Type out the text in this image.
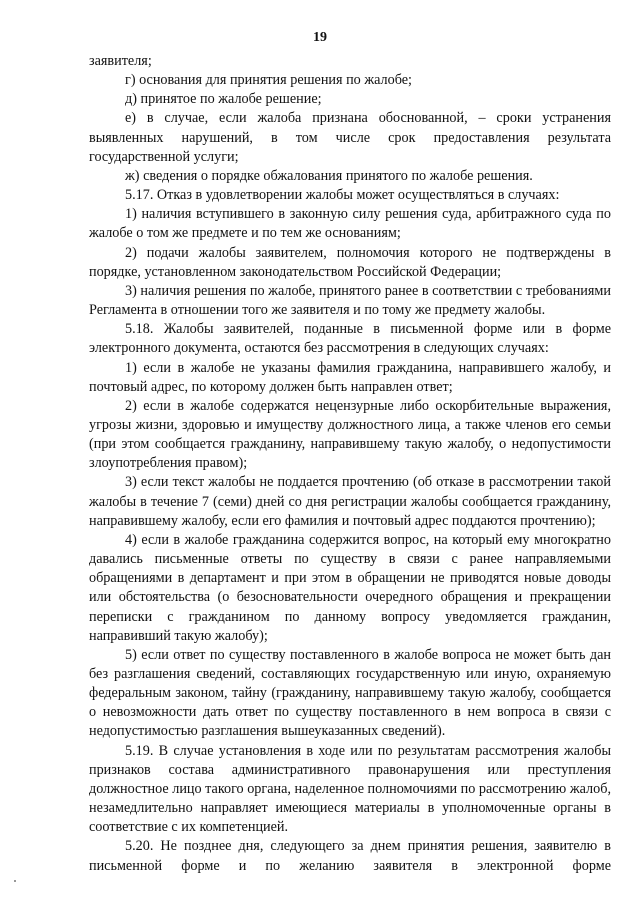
19

заявителя;

г) основания для принятия решения по жалобе;

д) принятое по жалобе решение;

е) в случае, если жалоба признана обоснованной, – сроки устранения выявленных нарушений, в том числе срок предоставления результата государственной услуги;

ж) сведения о порядке обжалования принятого по жалобе решения.

5.17. Отказ в удовлетворении жалобы может осуществляться в случаях:

1) наличия вступившего в законную силу решения суда, арбитражного суда по жалобе о том же предмете и по тем же основаниям;

2) подачи жалобы заявителем, полномочия которого не подтверждены в порядке, установленном законодательством Российской Федерации;

3) наличия решения по жалобе, принятого ранее в соответствии с требованиями Регламента в отношении того же заявителя и по тому же предмету жалобы.

5.18. Жалобы заявителей, поданные в письменной форме или в форме электронного документа, остаются без рассмотрения в следующих случаях:

1) если в жалобе не указаны фамилия гражданина, направившего жалобу, и почтовый адрес, по которому должен быть направлен ответ;

2) если в жалобе содержатся нецензурные либо оскорбительные выражения, угрозы жизни, здоровью и имуществу должностного лица, а также членов его семьи (при этом сообщается гражданину, направившему такую жалобу, о недопустимости злоупотребления правом);

3) если текст жалобы не поддается прочтению (об отказе в рассмотрении такой жалобы в течение 7 (семи) дней со дня регистрации жалобы сообщается гражданину, направившему жалобу, если его фамилия и почтовый адрес поддаются прочтению);

4) если в жалобе гражданина содержится вопрос, на который ему многократно давались письменные ответы по существу в связи с ранее направляемыми обращениями в департамент и при этом в обращении не приводятся новые доводы или обстоятельства (о безосновательности очередного обращения и прекращении переписки с гражданином по данному вопросу уведомляется гражданин, направивший такую жалобу);

5) если ответ по существу поставленного в жалобе вопроса не может быть дан без разглашения сведений, составляющих государственную или иную, охраняемую федеральным законом, тайну (гражданину, направившему такую жалобу, сообщается о невозможности дать ответ по существу поставленного в нем вопроса в связи с недопустимостью разглашения вышеуказанных сведений).

5.19. В случае установления в ходе или по результатам рассмотрения жалобы признаков состава административного правонарушения или преступления должностное лицо такого органа, наделенное полномочиями по рассмотрению жалоб, незамедлительно направляет имеющиеся материалы в уполномоченные органы в соответствие с их компетенцией.

5.20. Не позднее дня, следующего за днем принятия решения, заявителю в письменной форме и по желанию заявителя в электронной форме
